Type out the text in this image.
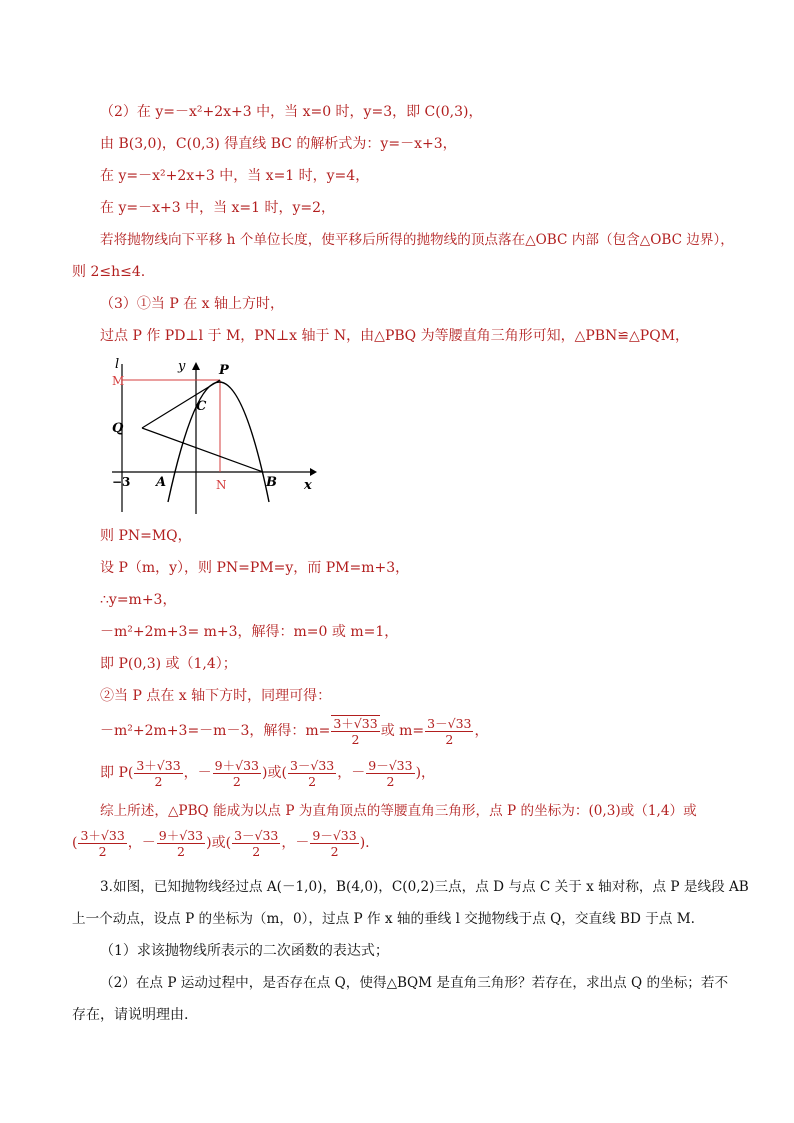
（2）在 y=－x²+2x+3 中，当 x=0 时，y=3，即 C(0,3)，
由 B(3,0)，C(0,3) 得直线 BC 的解析式为：y=－x+3，
在 y=－x²+2x+3 中，当 x=1 时，y=4，
在 y=－x+3 中，当 x=1 时，y=2，
若将抛物线向下平移 h 个单位长度，使平移后所得的抛物线的顶点落在△OBC 内部（包含△OBC 边界），
则 2≤h≤4.
（3）①当 P 在 x 轴上方时，
过点 P 作 PD⊥l 于 M，PN⊥x 轴于 N，由△PBQ 为等腰直角三角形可知，△PBN≌△PQM，
l	y	P
M
C
Q
−3 A	N	B x
则 PN=MQ，
设 P（m，y），则 PN=PM=y，而 PM=m+3，
∴y=m+3，
－m²+2m+3= m+3，解得：m=0 或 m=1，
即 P(0,3) 或（1,4）；
②当 P 点在 x 轴下方时，同理可得：
－m²+2m+3=－m－3，解得：$m= \frac{3+√33}{2}$ 或 $m= \frac{3-√33}{2}$ ，
即 $P( \frac{3+√33}{2}$ ，－ $\frac{9+√33}{2}$ )或( $\frac{3-√33}{2}$ ，－ $\frac{9-√33}{2}$ )，
综上所述，△PBQ 能成为以点 P 为直角顶点的等腰直角三角形，点 P 的坐标为：(0,3)或（1,4）或
( $\frac{3+√33}{2}$ ，－ $\frac{9+√33}{2}$ )或( $\frac{3-√33}{2}$ ，－ $\frac{9-√33}{2}$ ).
3.如图，已知抛物线经过点 A(－1,0)，B(4,0)，C(0,2)三点，点 D 与点 C 关于 x 轴对称，点 P 是线段 AB
上一个动点，设点 P 的坐标为（m，0），过点 P 作 x 轴的垂线 l 交抛物线于点 Q，交直线 BD 于点 M.
（1）求该抛物线所表示的二次函数的表达式；
（2）在点 P 运动过程中，是否存在点 Q，使得△BQM 是直角三角形？若存在，求出点 Q 的坐标；若不
存在，请说明理由.
